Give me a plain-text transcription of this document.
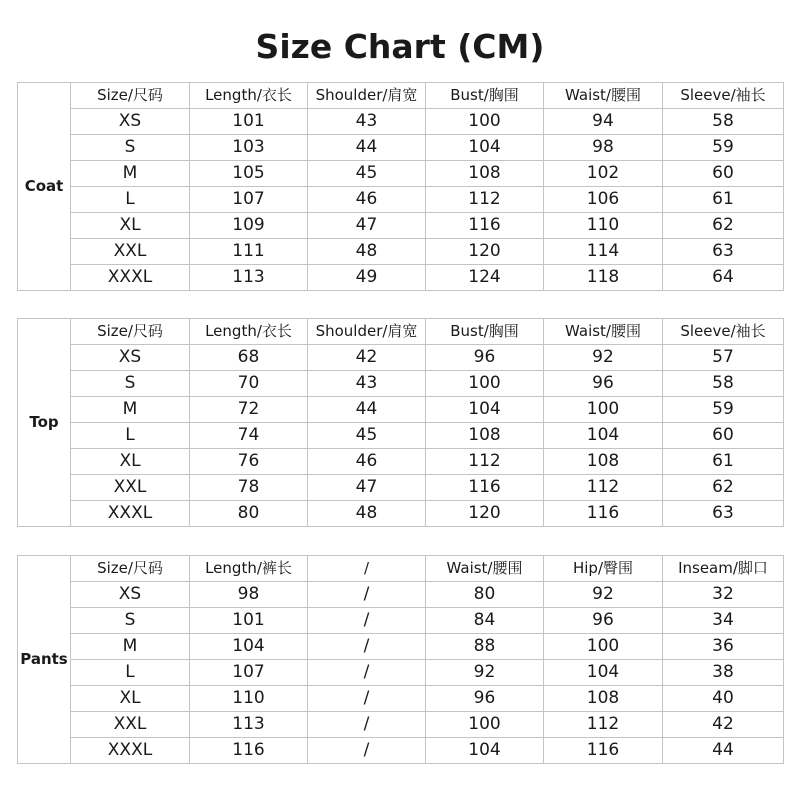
Size Chart (CM)
Coat	Size/尺码	Length/衣长	Shoulder/肩宽	Bust/胸围	Waist/腰围	Sleeve/袖长
	XS	101	43	100	94	58
	S	103	44	104	98	59
	M	105	45	108	102	60
	L	107	46	112	106	61
	XL	109	47	116	110	62
	XXL	111	48	120	114	63
	XXXL	113	49	124	118	64
Top	Size/尺码	Length/衣长	Shoulder/肩宽	Bust/胸围	Waist/腰围	Sleeve/袖长
	XS	68	42	96	92	57
	S	70	43	100	96	58
	M	72	44	104	100	59
	L	74	45	108	104	60
	XL	76	46	112	108	61
	XXL	78	47	116	112	62
	XXXL	80	48	120	116	63
Pants	Size/尺码	Length/裤长	/	Waist/腰围	Hip/臀围	Inseam/脚口
	XS	98	/	80	92	32
	S	101	/	84	96	34
	M	104	/	88	100	36
	L	107	/	92	104	38
	XL	110	/	96	108	40
	XXL	113	/	100	112	42
	XXXL	116	/	104	116	44
